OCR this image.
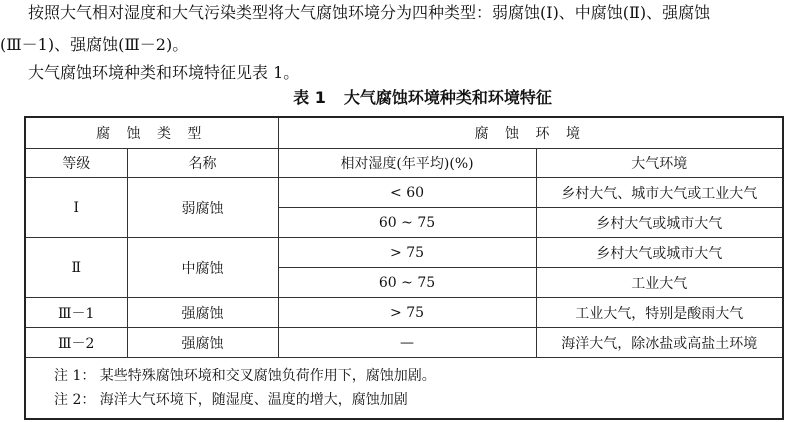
按照大气相对湿度和大气污染类型将大气腐蚀环境分为四种类型：弱腐蚀(Ⅰ)、中腐蚀(Ⅱ)、强腐蚀
(Ⅲ－1)、强腐蚀(Ⅲ－2)。
大气腐蚀环境种类和环境特征见表 1。
表 1 大气腐蚀环境种类和环境特征
腐 蚀 类 型		腐 蚀 环 境	
等级	名称	相对湿度(年平均)(%)	大气环境
Ⅰ	弱腐蚀	< 60	乡村大气、城市大气或工业大气
		60 ~ 75	乡村大气或城市大气
Ⅱ	中腐蚀	> 75	乡村大气或城市大气
		60 ~ 75	工业大气
Ⅲ－1	强腐蚀	> 75	工业大气，特别是酸雨大气
Ⅲ－2	强腐蚀	—	海洋大气，除冰盐或高盐土环境

注 1： 某些特殊腐蚀环境和交叉腐蚀负荷作用下，腐蚀加剧。
注 2： 海洋大气环境下，随湿度、温度的增大，腐蚀加剧			
